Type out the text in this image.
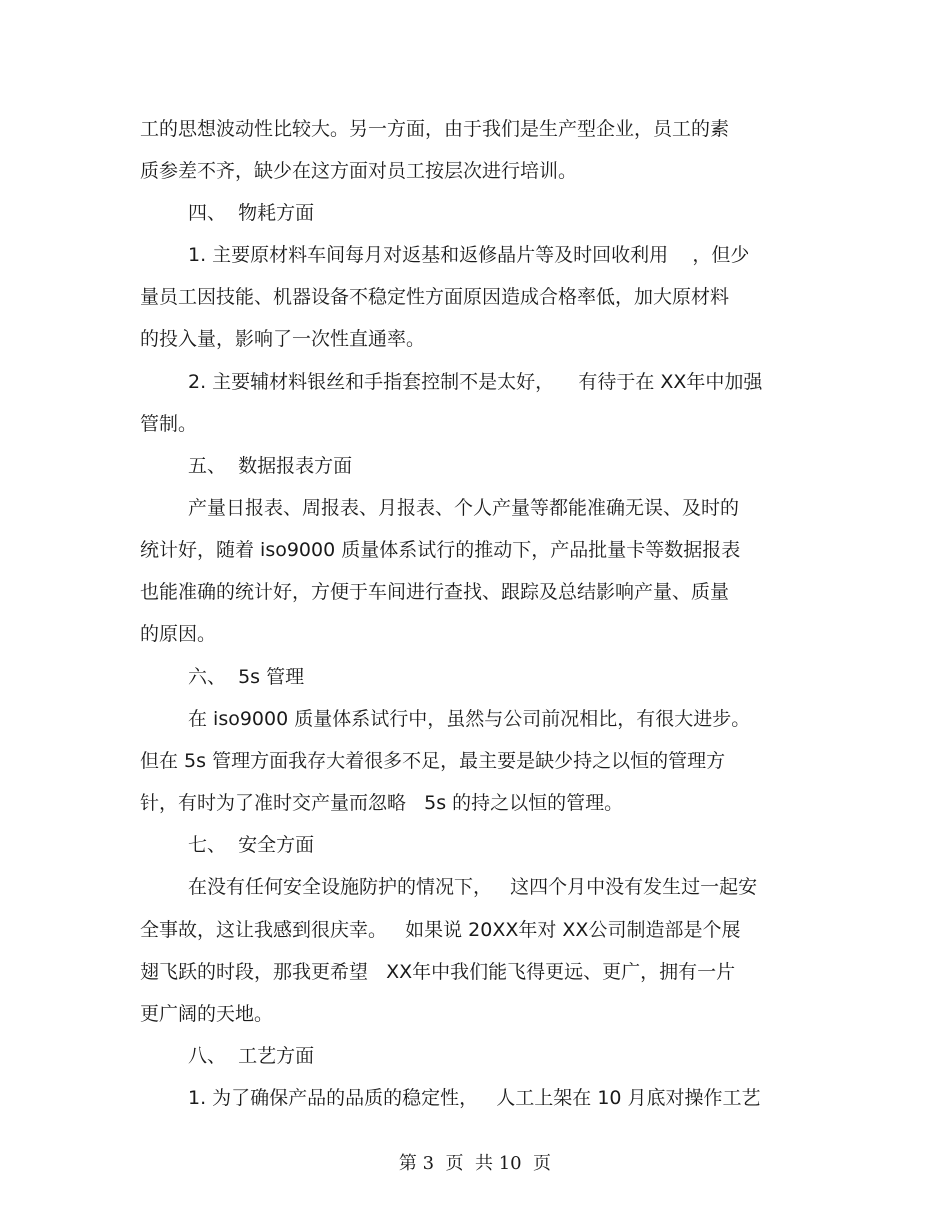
工的思想波动性比较大。另一方面，由于我们是生产型企业，员工的素
质参差不齐，缺少在这方面对员工按层次进行培训。
四、  物耗方面
1. 主要原材料车间每月对返基和返修晶片等及时回收利用    ，但少
量员工因技能、机器设备不稳定性方面原因造成合格率低，加大原材料
的投入量，影响了一次性直通率。
2. 主要辅材料银丝和手指套控制不是太好，    有待于在 XX年中加强
管制。
五、  数据报表方面
产量日报表、周报表、月报表、个人产量等都能准确无误、及时的
统计好，随着 iso9000 质量体系试行的推动下，产品批量卡等数据报表
也能准确的统计好，方便于车间进行查找、跟踪及总结影响产量、质量
的原因。
六、  5s 管理
在 iso9000 质量体系试行中，虽然与公司前况相比，有很大进步。
但在 5s 管理方面我存大着很多不足，最主要是缺少持之以恒的管理方
针，有时为了准时交产量而忽略   5s 的持之以恒的管理。
七、  安全方面
在没有任何安全设施防护的情况下，   这四个月中没有发生过一起安
全事故，这让我感到很庆幸。   如果说 20XX年对 XX公司制造部是个展
翅飞跃的时段，那我更希望   XX年中我们能飞得更远、更广，拥有一片
更广阔的天地。
八、  工艺方面
1. 为了确保产品的品质的稳定性，   人工上架在 10 月底对操作工艺
第 3  页  共 10  页
